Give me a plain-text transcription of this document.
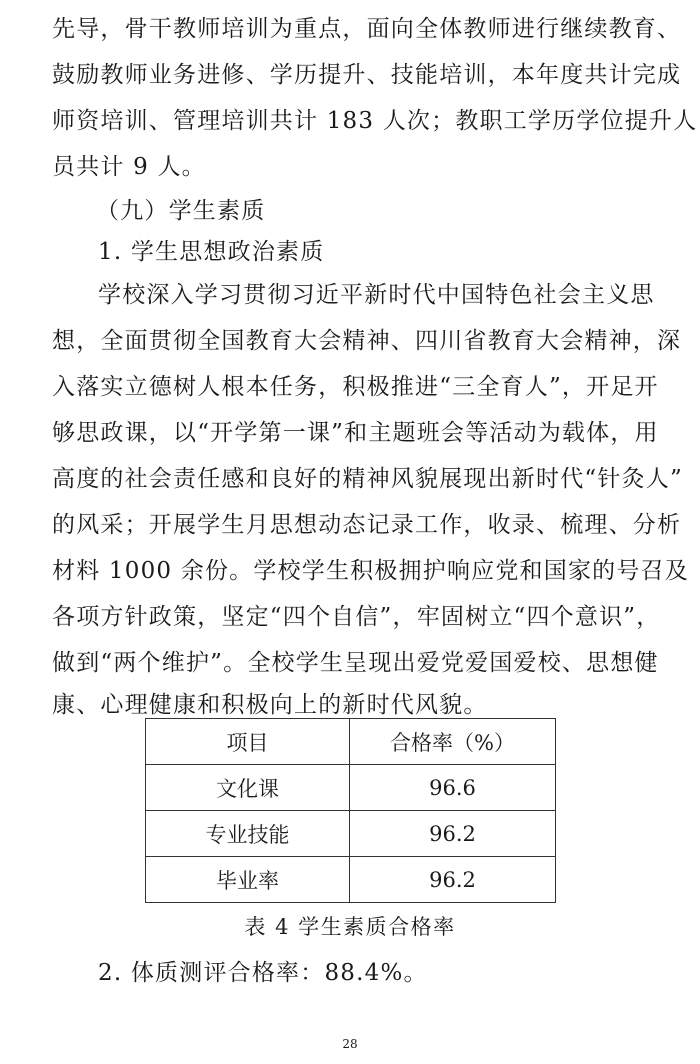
先导，骨干教师培训为重点，面向全体教师进行继续教育、
鼓励教师业务进修、学历提升、技能培训，本年度共计完成
师资培训、管理培训共计 183 人次；教职工学历学位提升人
员共计 9 人。
（九）学生素质
1. 学生思想政治素质
学校深入学习贯彻习近平新时代中国特色社会主义思
想，全面贯彻全国教育大会精神、四川省教育大会精神，深
入落实立德树人根本任务，积极推进“三全育人”，开足开
够思政课，以“开学第一课”和主题班会等活动为载体，用
高度的社会责任感和良好的精神风貌展现出新时代“针灸人”
的风采；开展学生月思想动态记录工作，收录、梳理、分析
材料 1000 余份。学校学生积极拥护响应党和国家的号召及
各项方针政策，坚定“四个自信”，牢固树立“四个意识”，
做到“两个维护”。全校学生呈现出爱党爱国爱校、思想健
康、心理健康和积极向上的新时代风貌。
项目	合格率（%）
文化课	96.6
专业技能	96.2
毕业率	96.2
表 4 学生素质合格率
2. 体质测评合格率：88.4%。
28
